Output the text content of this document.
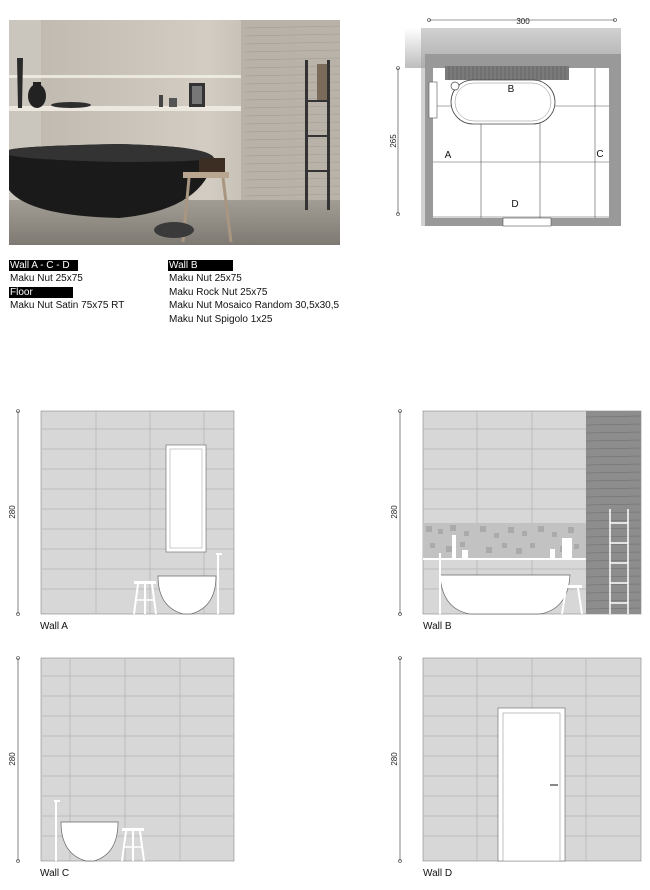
Wall A - C - D
Maku Nut 25x75
Floor
Maku Nut Satin 75x75 RT
Wall B
Maku Nut 25x75
Maku Rock Nut 25x75
Maku Nut Mosaico Random 30,5x30,5
Maku Nut Spigolo 1x25
300
265
B
A	C
D
280
Wall A
280
Wall B
280
Wall C
280
Wall D
